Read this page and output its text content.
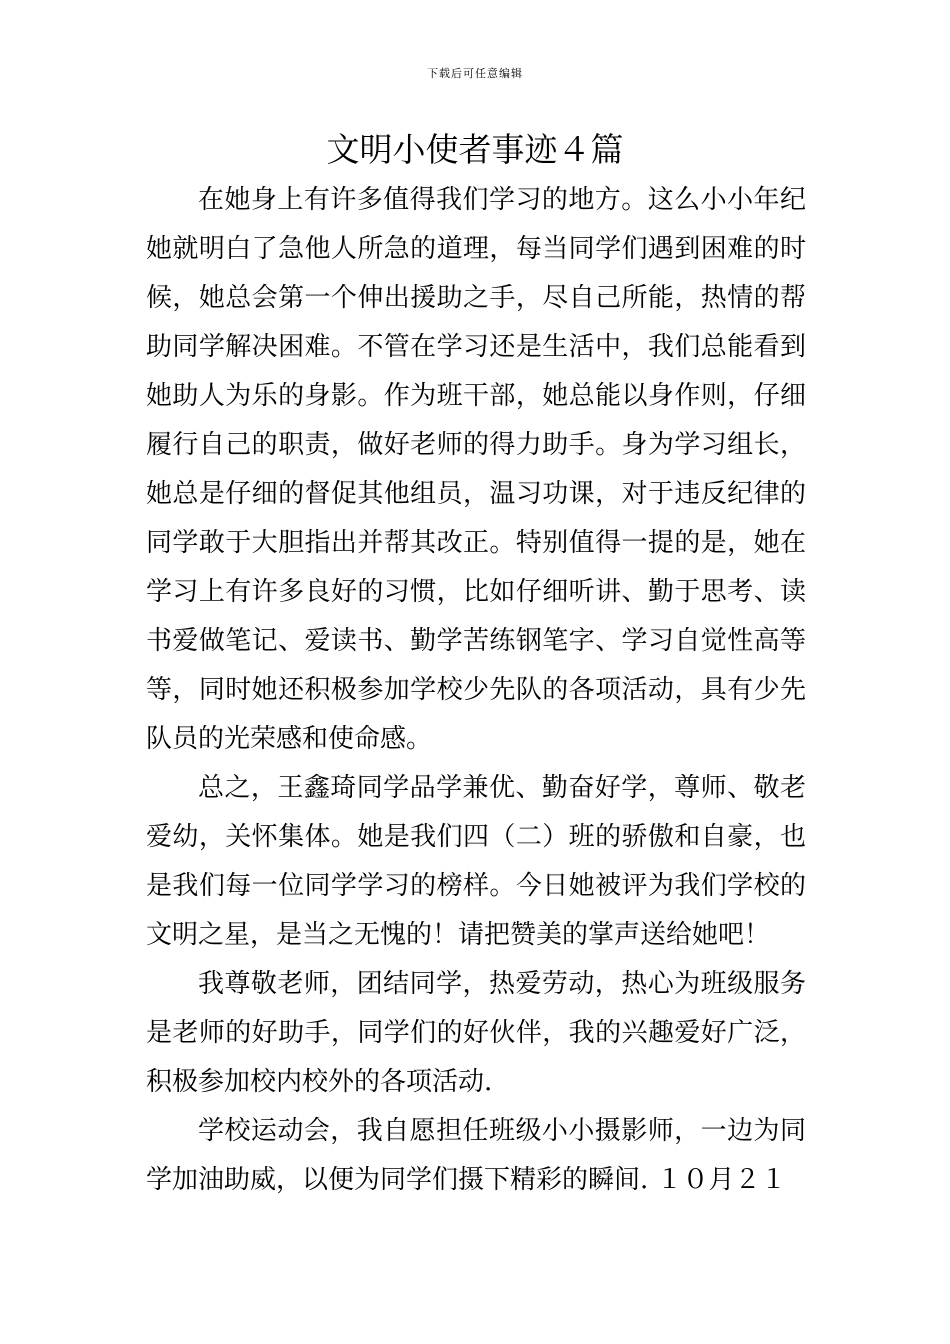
下载后可任意编辑
文明小使者事迹４篇

在她身上有许多值得我们学习的地方。这么小小年纪她就明白了急他人所急的道理，每当同学们遇到困难的时候，她总会第一个伸出援助之手，尽自己所能，热情的帮助同学解决困难。不管在学习还是生活中，我们总能看到她助人为乐的身影。作为班干部，她总能以身作则，仔细履行自己的职责，做好老师的得力助手。身为学习组长，她总是仔细的督促其他组员，温习功课，对于违反纪律的同学敢于大胆指出并帮其改正。特别值得一提的是，她在学习上有许多良好的习惯，比如仔细听讲、勤于思考、读书爱做笔记、爱读书、勤学苦练钢笔字、学习自觉性高等等，同时她还积极参加学校少先队的各项活动，具有少先队员的光荣感和使命感。

总之，王鑫琦同学品学兼优、勤奋好学，尊师、敬老爱幼，关怀集体。她是我们四（二）班的骄傲和自豪，也是我们每一位同学学习的榜样。今日她被评为我们学校的文明之星，是当之无愧的！请把赞美的掌声送给她吧！

我尊敬老师，团结同学，热爱劳动，热心为班级服务是老师的好助手，同学们的好伙伴，我的兴趣爱好广泛，积极参加校内校外的各项活动.

学校运动会，我自愿担任班级小小摄影师，一边为同学加油助威，以便为同学们摄下精彩的瞬间. １０月２１
